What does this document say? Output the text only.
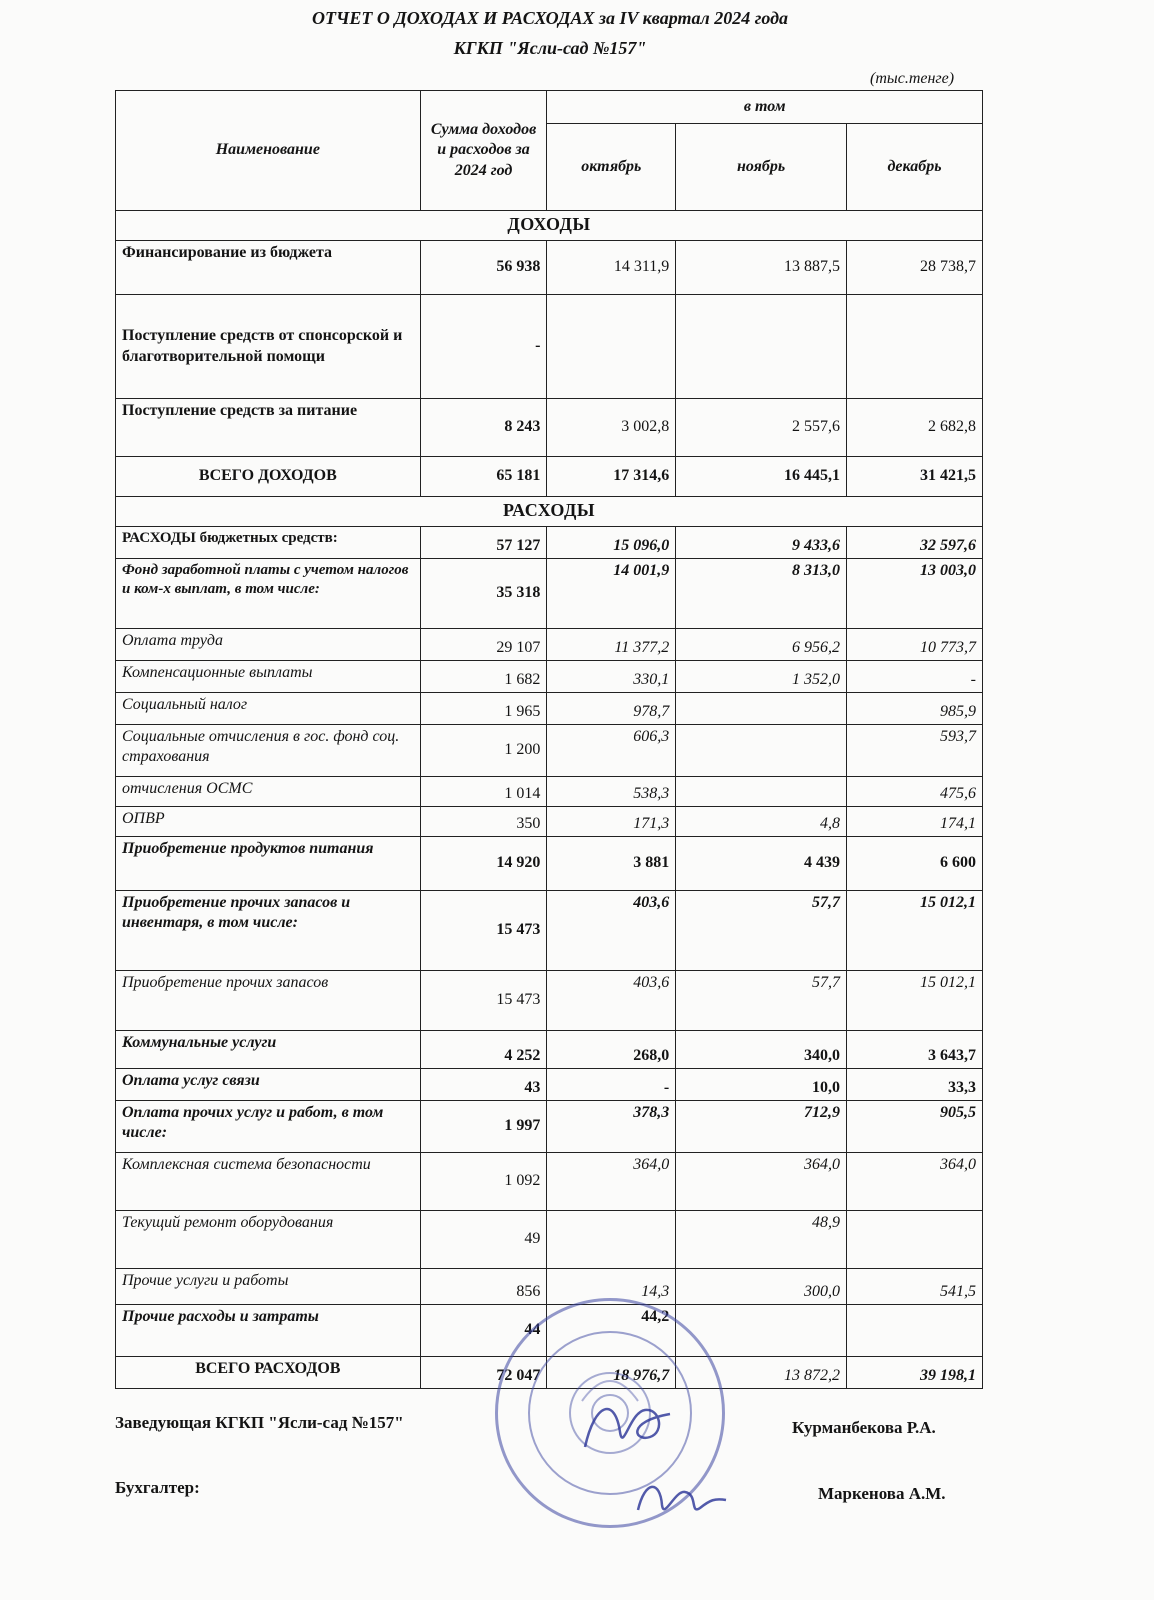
ОТЧЕТ О ДОХОДАХ И РАСХОДАХ за IV квартал 2024 года
КГКП "Ясли-сад №157"
(тыс.тенге)
Наименование	Сумма доходов и расходов за 2024 год	в том		
		октябрь	ноябрь	декабрь
ДОХОДЫ				
Финансирование из бюджета	56 938	14 311,9	13 887,5	28 738,7
Поступление средств от спонсорской и благотворительной помощи	-			
Поступление средств за питание	8 243	3 002,8	2 557,6	2 682,8
ВСЕГО ДОХОДОВ	65 181	17 314,6	16 445,1	31 421,5
РАСХОДЫ				
РАСХОДЫ бюджетных средств:	57 127	15 096,0	9 433,6	32 597,6
Фонд заработной платы с учетом налогов и ком-х выплат, в том числе:	35 318	14 001,9	8 313,0	13 003,0
Оплата труда	29 107	11 377,2	6 956,2	10 773,7
Компенсационные выплаты	1 682	330,1	1 352,0	-
Социальный налог	1 965	978,7		985,9
Социальные отчисления в гос. фонд соц. страхования	1 200	606,3		593,7
отчисления ОСМС	1 014	538,3		475,6
ОПВР	350	171,3	4,8	174,1
Приобретение продуктов питания	14 920	3 881	4 439	6 600
Приобретение прочих запасов и инвентаря, в том числе:	15 473	403,6	57,7	15 012,1
Приобретение прочих запасов	15 473	403,6	57,7	15 012,1
Коммунальные услуги	4 252	268,0	340,0	3 643,7
Оплата услуг связи	43	-	10,0	33,3
Оплата прочих услуг и работ, в том числе:	1 997	378,3	712,9	905,5
Комплексная система безопасности	1 092	364,0	364,0	364,0
Текущий ремонт оборудования	49		48,9	
Прочие услуги и работы	856	14,3	300,0	541,5
Прочие расходы и затраты	44	44,2		
ВСЕГО РАСХОДОВ	72 047	18 976,7	13 872,2	39 198,1
Заведующая КГКП "Ясли-сад №157"	Курманбекова Р.А.
Бухгалтер:	Маркенова А.М.
